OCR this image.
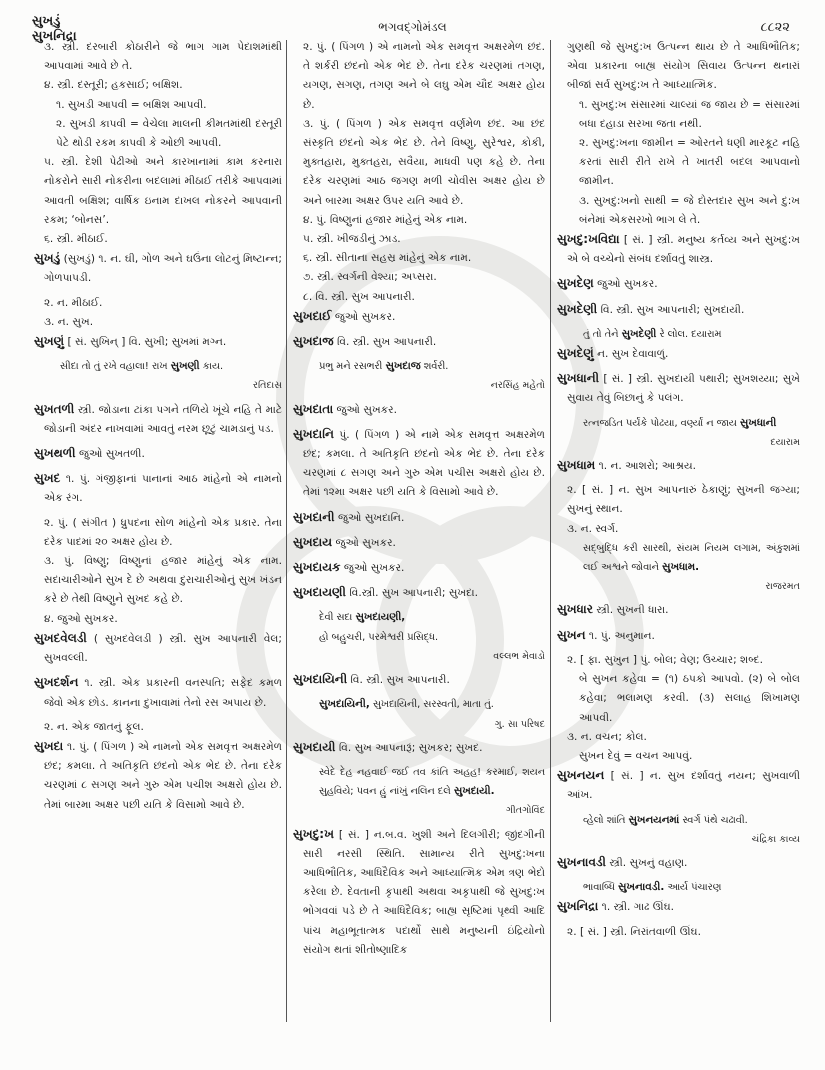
સુખડું
સુખનિદ્રા
ભગવદ્ગોમંડલ	૮૮૨૨
૩. સ્ત્રી. દરબારી કોઠારીને જે ભાગ ગામ પેદાશમાંથી આપવામાં આવે છે તે.
૪. સ્ત્રી. દસ્તૂરી; હકસાઈ; બક્ષિશ.
૧. સુખડી આપવી = બક્ષિશ આપવી.
૨. સુખડી કાપવી = વેચેલા માલની કીમતમાંથી દસ્તૂરી પેટે થોડી રકમ કાપવી કે ઓછી આપવી.
૫. સ્ત્રી. દેશી પેઢીઓ અને કારખાનામાં કામ કરનારા નોકરોને સારી નોકરીના બદલામાં મીઠાઈ તરીકે આપવામાં આવતી બક્ષિશ; વાર્ષિક ઇનામ દાખલ નોકરને આપવાની રકમ; ‘બોનસ’.
૬. સ્ત્રી. મીઠાઈ.
સુખડું (સુખડું) ૧. ન. ઘી, ગોળ અને ઘઉંના લોટનું મિષ્ટાન્ન; ગોળપાપડી.
૨. ન. મીઠાઈ.
૩. ન. સુખ.
સુખણું [ સં. સુખિન્ ] વિ. સુખી; સુખમાં મગ્ન.
સીદા તો તું રખે વહાલા! રાખ સુખણી કાય.
રતિદાસ
સુખતળી સ્ત્રી. જોડાના ટાંકા પગને તળિયે ખૂંચે નહિ તે માટે જોડાની અંદર નાખવામાં આવતું નરમ છૂટું ચામડાનું પડ.
સુખથળી જુઓ સુખતળી.
સુખદ ૧. પું. ગંજીફાનાં પાનાનાં આઠ માંહેનો એ નામનો એક રંગ.
૨. પું. ( સંગીત ) ધ્રુપદના સોળ માંહેનો એક પ્રકાર. તેના દરેક પાદમાં ૨૦ અક્ષર હોય છે.
૩. પું. વિષ્ણુ; વિષ્ણુનાં હજાર માંહેનું એક નામ. સદાચારીઓને સુખ દે છે અથવા દુરાચારીઓનું સુખ ખંડન કરે છે તેથી વિષ્ણુને સુખદ કહે છે.
૪. જુઓ સુખકર.
સુખદવેલડી ( સુખદવેલડી ) સ્ત્રી. સુખ આપનારી વેલ; સુખવલ્લી.
સુખદર્શન ૧. સ્ત્રી. એક પ્રકારની વનસ્પતિ; સફેદ કમળ જેવો એક છોડ. કાનના દુખાવામાં તેનો રસ અપાય છે.
૨. ન. એક જાતનું ફૂલ.
સુખદા ૧. પું. ( પિંગળ ) એ નામનો એક સમવૃત્ત અક્ષરમેળ છંદ; કમલા. તે અતિકૃતિ છંદનો એક ભેદ છે. તેના દરેક ચરણમાં ૮ સગણ અને ગુરુ એમ પચીશ અક્ષરો હોય છે. તેમાં બારમા અક્ષર પછી યતિ કે વિસામો આવે છે.
૨. પું. ( પિંગળ ) એ નામનો એક સમવૃત્ત અક્ષરમેળ છંદ. તે શર્કરી છંદનો એક ભેદ છે. તેના દરેક ચરણમાં તગણ, યગણ, સગણ, તગણ અને બે લઘુ એમ ચૌદ અક્ષર હોય છે.
૩. પું. ( પિંગળ ) એક સમવૃત્ત વર્ણમેળ છંદ. આ છંદ સંસ્કૃતિ છંદનો એક ભેદ છે. તેને વિષ્ણુ, સુરેશ્વર, કોકી, મુક્તહારા, મુક્તહરા, સવૈયા, માધવી પણ કહે છે. તેના દરેક ચરણમાં આઠ જગણ મળી ચોવીસ અક્ષર હોય છે અને બારમા અક્ષર ઉપર યતિ આવે છે.
૪. પું. વિષ્ણુનાં હજાર માંહેનું એક નામ.
૫. સ્ત્રી. ખીજડીનું ઝાડ.
૬. સ્ત્રી. સીતાના સહસ્ર માંહેનું એક નામ.
૭. સ્ત્રી. સ્વર્ગની વેશ્યા; અપ્સરા.
૮. વિ. સ્ત્રી. સુખ આપનારી.
સુખદાઈ જુઓ સુખકર.
સુખદાજ વિ. સ્ત્રી. સુખ આપનારી.
પ્રભુ મને રસભરી સુખદાજ શર્વરી.
નરસિંહ મહેતો
સુખદાતા જુઓ સુખકર.
સુખદાનિ પું. ( પિંગળ ) એ નામે એક સમવૃત્ત અક્ષરમેળ છંદ; કમલા. તે અતિકૃતિ છંદનો એક ભેદ છે. તેના દરેક ચરણમાં ૮ સગણ અને ગુરુ એમ પચીસ અક્ષરો હોય છે. તેમાં ૧૨મા અક્ષર પછી યતિ કે વિસામો આવે છે.
સુખદાની જુઓ સુખદાનિ.
સુખદાય જુઓ સુખકર.
સુખદાયક જુઓ સુખકર.
સુખદાયણી વિ.સ્ત્રી. સુખ આપનારી; સુખદા.
દેવી સદા સુખદાયણી,
હો બહુચરી, પરમેશ્વરી પ્રસિદ્ધ.
વલ્લભ મેવાડો
સુખદાયિની વિ. સ્ત્રી. સુખ આપનારી.
સુખદાયિની, સુખદાયિની, સરસ્વતી, માતા તું.
ગુ. સા પરિષદ
સુખદાયી વિ. સુખ આપનારૂં; સુખકર; સુખદ.
સ્વેદે દેહ નહવાઈ જઈ તવ કાંતિ અહહ! કરમાઈ, શયન સુહવિયે; પવન હું નાંખું નલિન દલે સુખદાયી.
ગીતગોવિંદ
સુખદુ:ખ [ સં. ] ન.બ.વ. ખુશી અને દિલગીરી; જીંદગીની સારી નરસી સ્થિતિ. સામાન્ય રીતે સુખદુ:ખના આધિભૌતિક, આધિદૈવિક અને આધ્યાત્મિક એમ ત્રણ ભેદો કરેલા છે. દેવતાની કૃપાથી અથવા અકૃપાથી જે સુખદુ:ખ ભોગવવાં પડે છે તે આધિદૈવિક; બાહ્ય સૃષ્ટિમાં પૃથ્વી આદિ પાંચ મહાભૂતાત્મક પદાર્થો સાથે મનુષ્યની ઇંદ્રિયોનો સંયોગ થતાં શીતોષ્ણાદિક
ગુણથી જે સુખદુ:ખ ઉત્પન્ન થાય છે તે આધિભૌતિક; એવા પ્રકારના બાહ્ય સંયોગ સિવાય ઉત્પન્ન થનારાં બીજાં સર્વ સુખદુ:ખ તે આધ્યાત્મિક.
૧. સુખદુ:ખ સંસારમાં ચાલ્યાં જ જાય છે = સંસારમાં બધા દહાડા સરખા જતા નથી.
૨. સુખદુ:ખના જામીન = ઓરતને ધણી મારકૂટ નહિ કરતાં સારી રીતે રાખે તે ખાતરી બદલ આપવાનો જામીન.
૩. સુખદુ:ખનો સાથી = જે દોસ્તદાર સુખ અને દુ:ખ બંનેમાં એકસરખો ભાગ લે તે.
સુખદુ:ખવિદ્યા [ સં. ] સ્ત્રી. મનુષ્ય કર્તવ્ય અને સુખદુ:ખ એ બે વચ્ચેનો સંબંધ દર્શાવતું શાસ્ત્ર.
સુખદેણ જુઓ સુખકર.
સુખદેણી વિ. સ્ત્રી. સુખ આપનારી; સુખદાયી.
તું તો તેને સુખદેણી રે લોલ. દયારામ
સુખદેણું ન. સુખ દેવાવાળું.
સુખધાની [ સં. ] સ્ત્રી. સુખદાયી પથારી; સુખશય્યા; સુખે સુવાય તેવું બિછાનું કે પલંગ.
રત્નજડિત પર્યંકે પોઢયા, વર્ણ્યાં ન જાય સુખધાની
દયારામ
સુખધામ ૧. ન. આશરો; આશ્રય.
૨. [ સં. ] ન. સુખ આપનારું ઠેકાણું; સુખની જગ્યા; સુખનું સ્થાન.
૩. ન. સ્વર્ગ.
સદ્બુદ્ધિ કરી સારથી, સંયમ નિયમ લગામ, અંકુશમાં લઈ અશ્વને જોવાને સુખધામ.
રાજરમત
સુખધાર સ્ત્રી. સુખની ધારા.
સુખન ૧. પું. અનુમાન.
૨. [ ફા. સુખુન ] પું. બોલ; વેણ; ઉચ્ચાર; શબ્દ.
બે સુખન કહેવા = (૧) ઠપકો આપવો. (૨) બે બોલ કહેવા; ભલામણ કરવી. (૩) સલાહ શિખામણ આપવી.
૩. ન. વચન; કોલ.
સુખન દેવું = વચન આપવું.
સુખનયન [ સં. ] ન. સુખ દર્શાવતું નયન; સુખવાળી આંખ.
વ્હેલો શાંતિ સુખનયનમાં સ્વર્ગ પંથે ચઢાવી.
ચંદ્રિકા કાવ્ય
સુખનાવડી સ્ત્રી. સુખનું વહાણ.
ભાવાબ્ધિ સુખનાવડી. આર્ય પંચારણ
સુખનિદ્રા ૧. સ્ત્રી. ગાઢ ઊંઘ.
૨. [ સં. ] સ્ત્રી. નિરાંતવાળી ઊંઘ.
